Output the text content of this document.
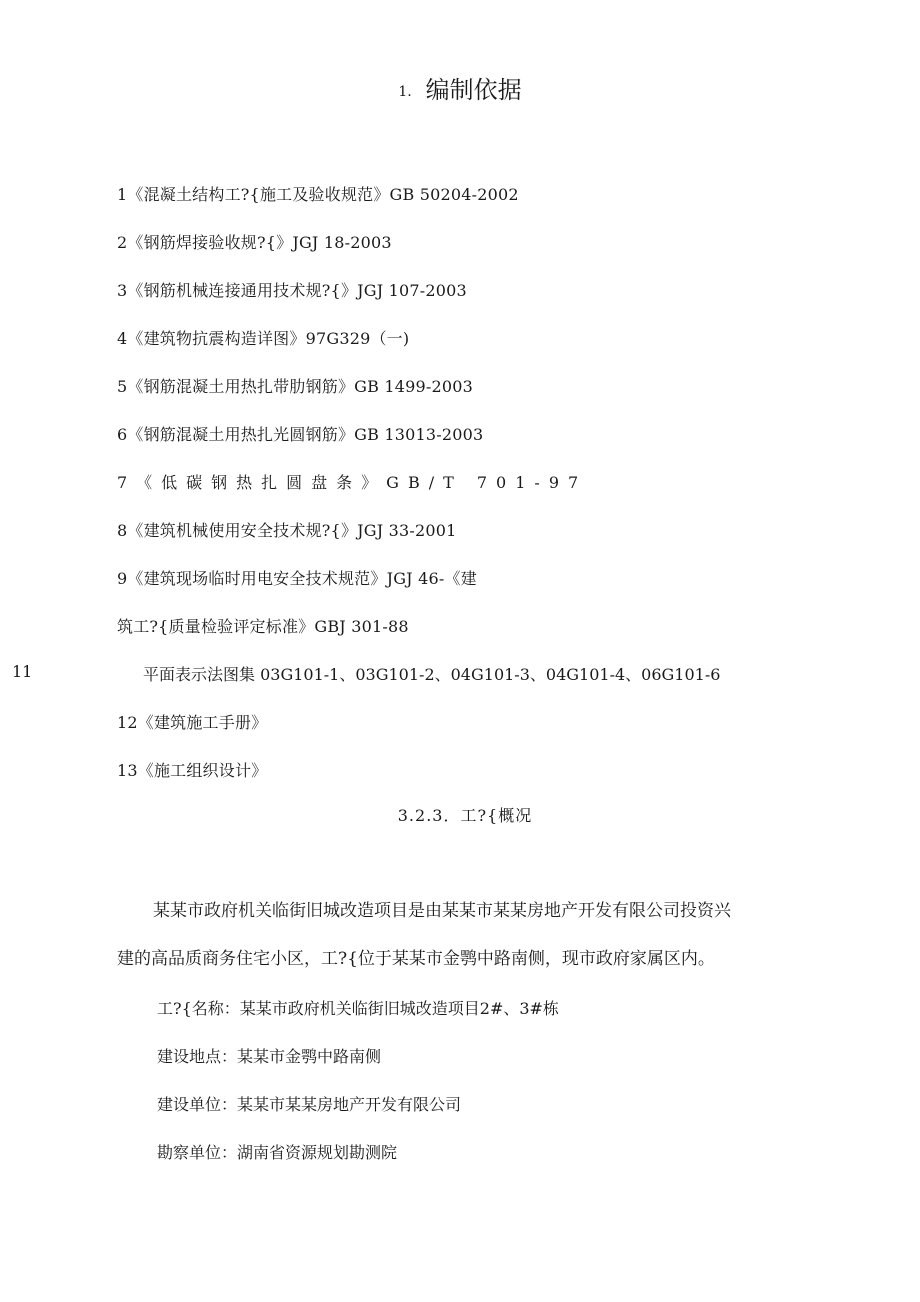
1. 编制依据
1《混凝土结构工?{施工及验收规范》GB 50204-2002
2《钢筋焊接验收规?{》JGJ 18-2003
3《钢筋机械连接通用技术规?{》JGJ 107-2003
4《建筑物抗震构造详图》97G329（一)
5《钢筋混凝土用热扎带肋钢筋》GB 1499-2003
6《钢筋混凝土用热扎光圆钢筋》GB 13013-2003
7《低碳钢热扎圆盘条》GB/T 701-97
8《建筑机械使用安全技术规?{》JGJ 33-2001
9《建筑现场临时用电安全技术规范》JGJ 46-《建
筑工?{质量检验评定标准》GBJ 301-88
11	平面表示法图集 03G101-1、03G101-2、04G101-3、04G101-4、06G101-6
12《建筑施工手册》
13《施工组织设计》
3.2.3．工?{概况
某某市政府机关临街旧城改造项目是由某某市某某房地产开发有限公司投资兴
建的高品质商务住宅小区，工?{位于某某市金鹗中路南侧，现市政府家属区内。
工?{名称：某某市政府机关临街旧城改造项目2#、3#栋
建设地点：某某市金鹗中路南侧
建设单位：某某市某某房地产开发有限公司
勘察单位：湖南省资源规划勘测院
